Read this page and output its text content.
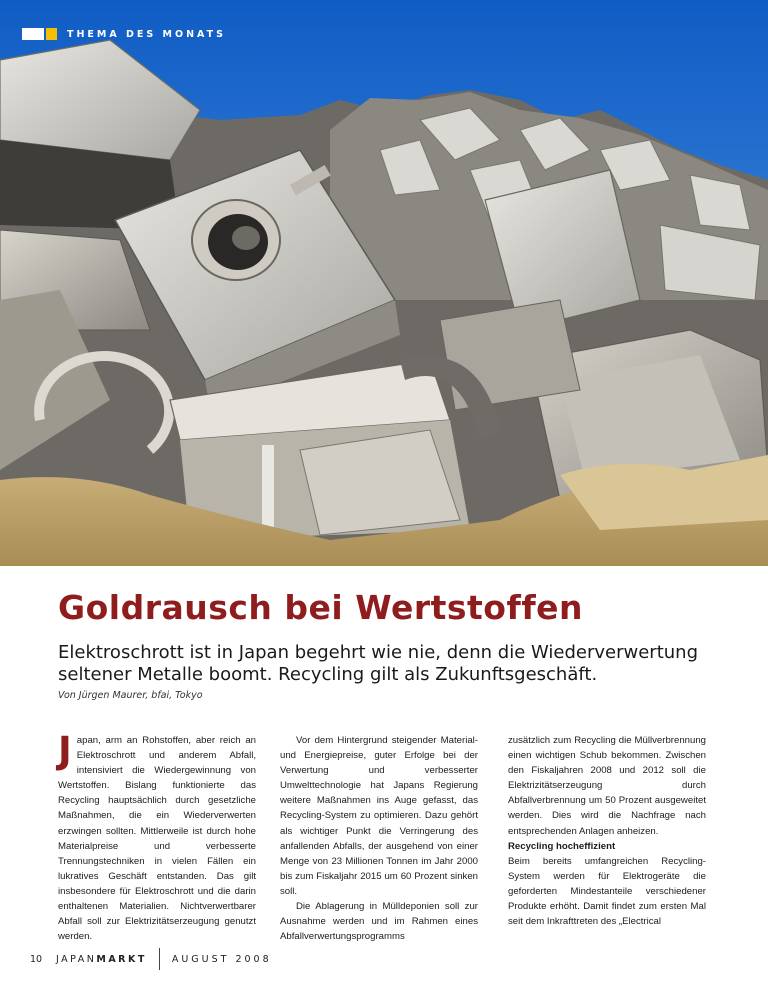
THEMA DES MONATS
Goldrausch bei Wertstoffen

Elektroschrott ist in Japan begehrt wie nie, denn die Wiederverwertung seltener Metalle boomt. Recycling gilt als Zukunftsgeschäft.

Von Jürgen Maurer, bfai, Tokyo

J apan, arm an Rohstoffen, aber reich an Elektroschrott und anderem Abfall, intensiviert die Wiedergewinnung von Wertstoffen. Bislang funktionierte das Recycling hauptsächlich durch gesetzliche Maßnahmen, die ein Wiederverwerten erzwingen sollten. Mittlerweile ist durch hohe Materialpreise und verbesserte Trennungstechniken in vielen Fällen ein lukratives Geschäft entstanden. Das gilt insbesondere für Elektroschrott und die darin enthaltenen Materialien. Nichtverwertbarer Abfall soll zur Elektrizitätserzeugung genutzt werden.

Vor dem Hintergrund steigender Material- und Energiepreise, guter Erfolge bei der Verwertung und verbesserter Umwelttechnologie hat Japans Regierung weitere Maßnahmen ins Auge gefasst, das Recycling-System zu optimieren. Dazu gehört als wichtiger Punkt die Verringerung des anfallenden Abfalls, der ausgehend von einer Menge von 23 Millionen Tonnen im Jahr 2000 bis zum Fiskaljahr 2015 um 60 Prozent sinken soll.

Die Ablagerung in Mülldeponien soll zur Ausnahme werden und im Rahmen eines Abfallverwertungsprogramms

zusätzlich zum Recycling die Müllverbrennung einen wichtigen Schub bekommen. Zwischen den Fiskaljahren 2008 und 2012 soll die Elektrizitätserzeugung durch Abfallverbrennung um 50 Prozent ausgeweitet werden. Dies wird die Nachfrage nach entsprechenden Anlagen anheizen.

Recycling hocheffizient

Beim bereits umfangreichen Recycling-System werden für Elektrogeräte die geforderten Mindestanteile verschiedener Produkte erhöht. Damit findet zum ersten Mal seit dem Inkrafttreten des „Electrical

10	JAPAN MARKT	AUGUST 2008
